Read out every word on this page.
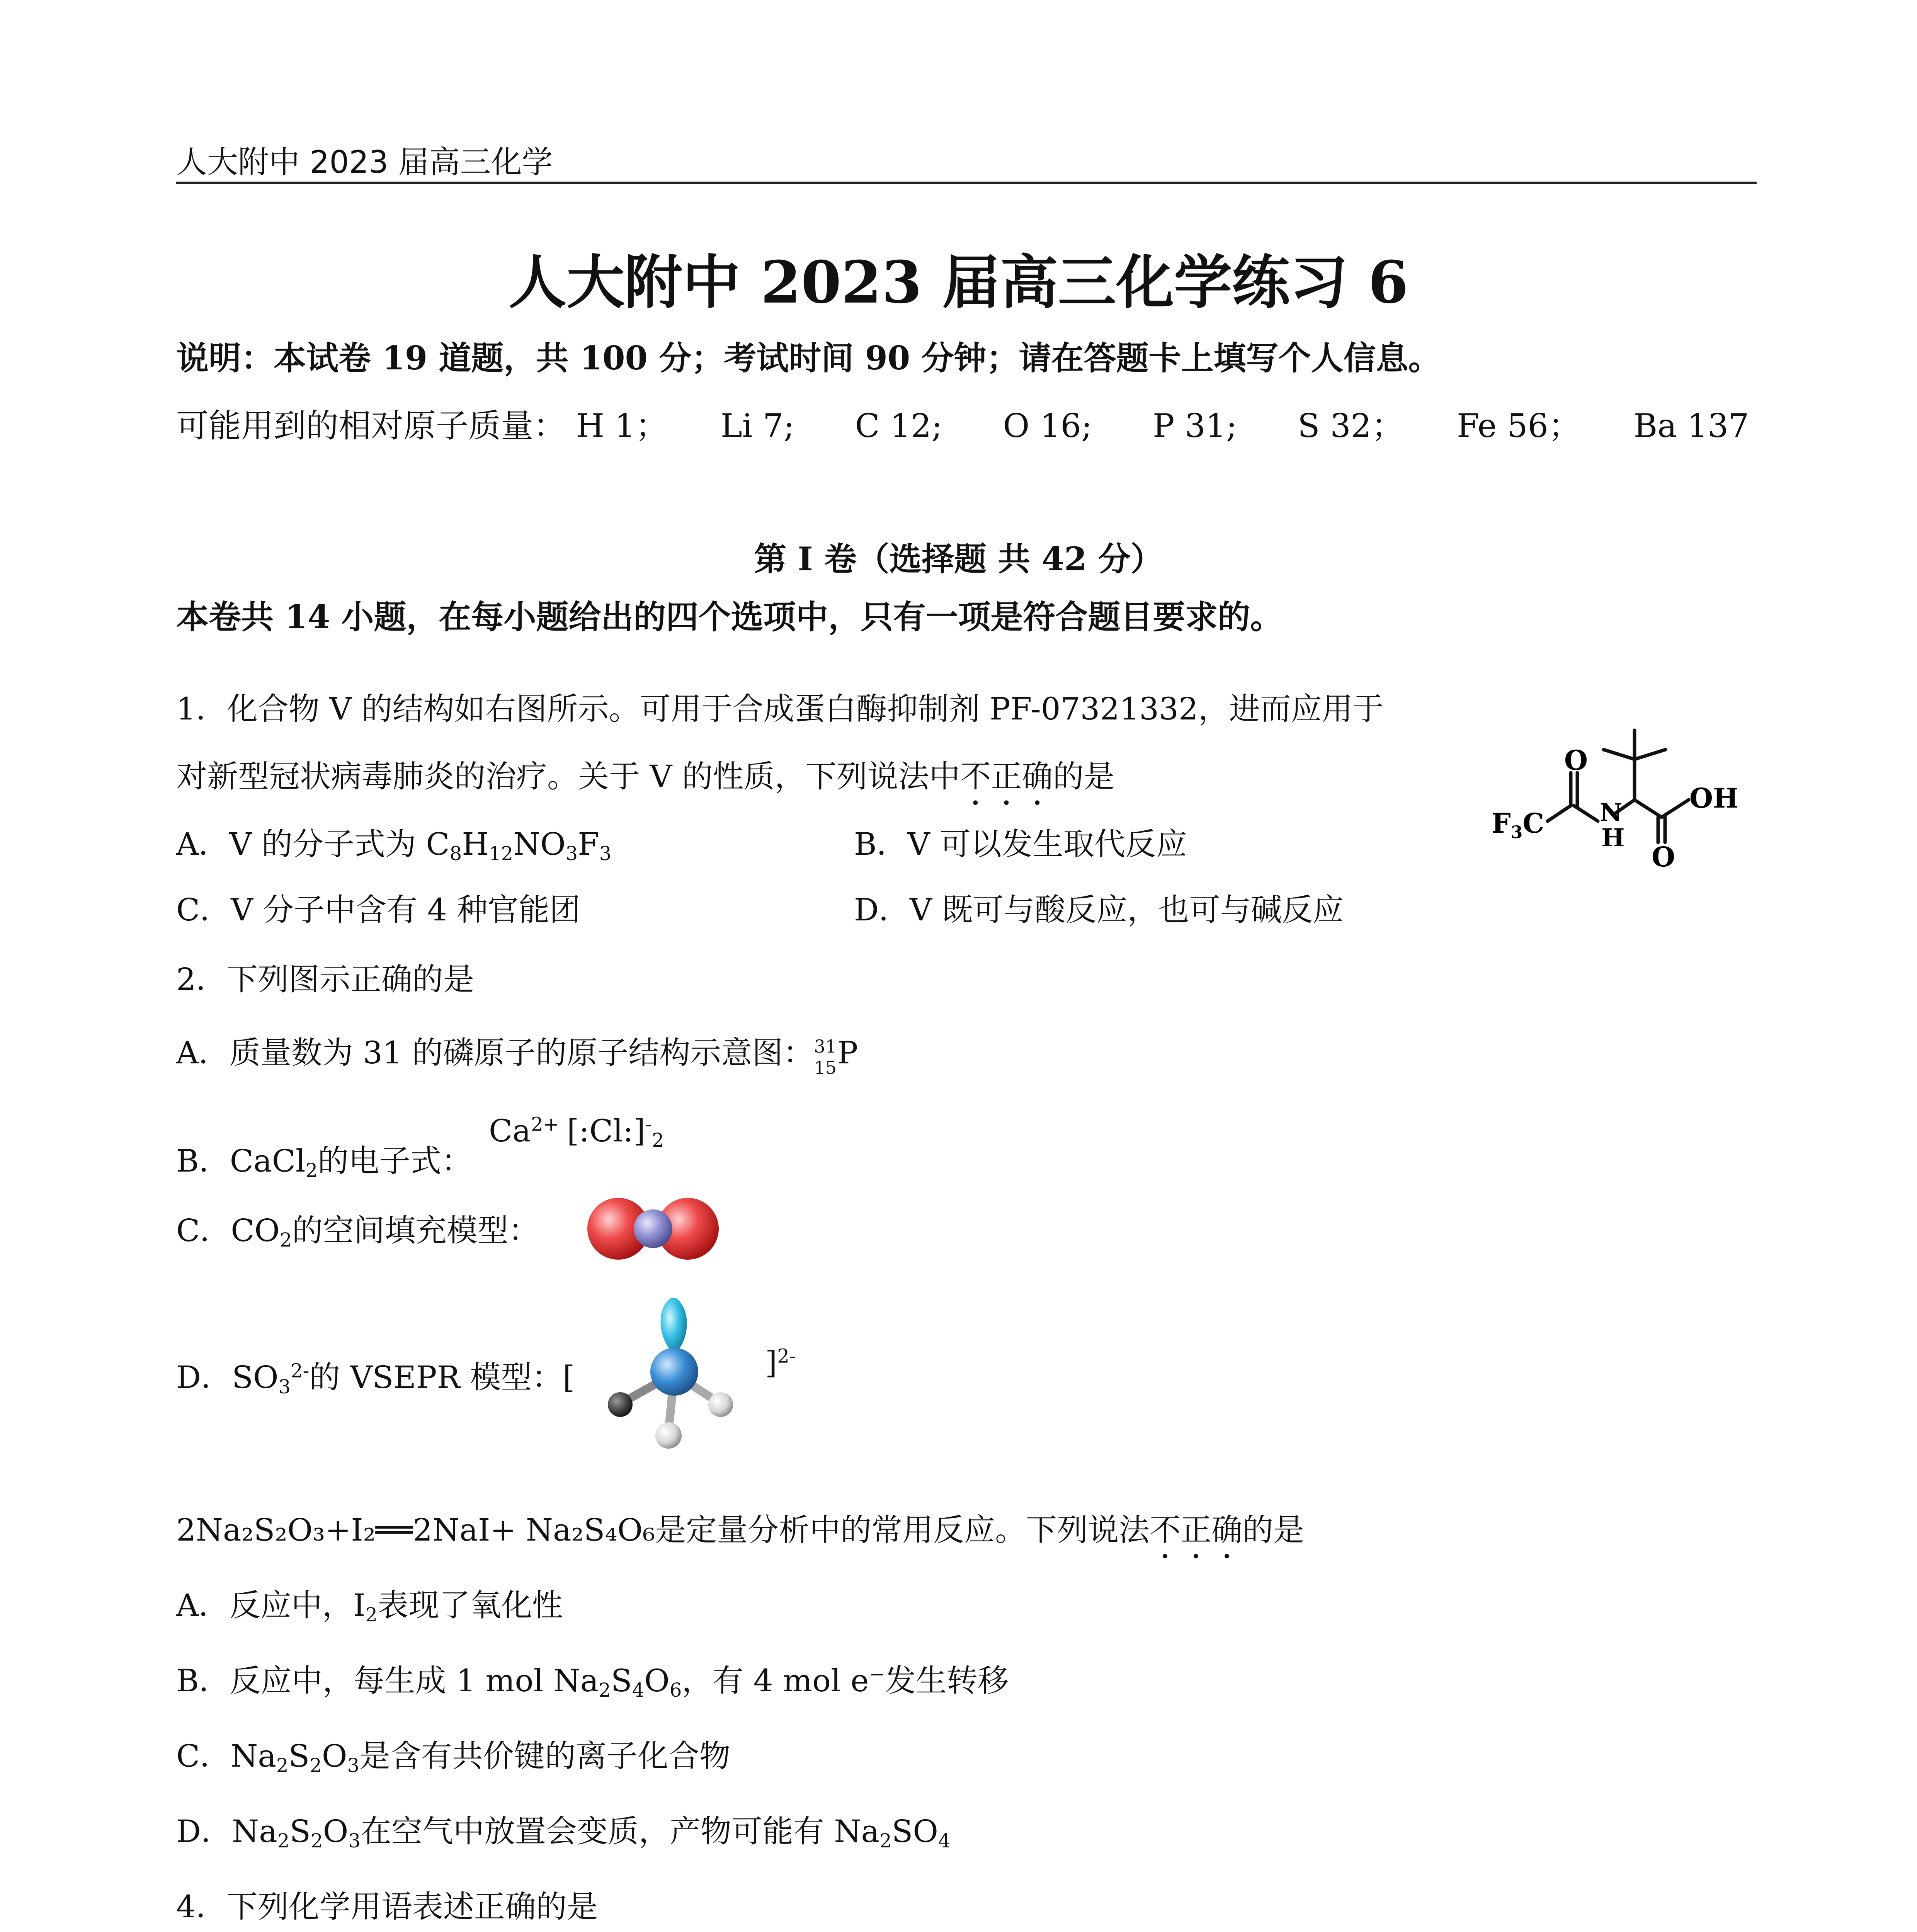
人大附中 2023 届高三化学
人大附中 2023 届高三化学练习 6
说明：本试卷 19 道题，共 100 分；考试时间 90 分钟；请在答题卡上填写个人信息。
可能用到的相对原子质量： H 1； Li 7; C 12; O 16; P 31; S 32； Fe 56； Ba 137
第 I 卷（选择题 共 42 分）
本卷共 14 小题，在每小题给出的四个选项中，只有一项是符合题目要求的。
1．化合物 V 的结构如右图所示。可用于合成蛋白酶抑制剂 PF-07321332，进而应用于
对新型冠状病毒肺炎的治疗。关于 V 的性质，下列说法中不正确的是
A．V 的分子式为 $C_8H_{12}NO_3F_3$	B．V 可以发生取代反应
C．V 分子中含有 4 种官能团	D．V 既可与酸反应，也可与碱反应
$F_3C$
O
N
H
OH
O
2．下列图示正确的是
A．质量数为 31 的磷原子的原子结构示意图： 31
15 P
B．CaCl$_2$的电子式：
$Ca^{2+}$ $[:Cl:]^-_2$
C．$CO_2$的空间填充模型：
D．$SO_3^{2-}$的 VSEPR 模型：[	]$^{2-}$
2Na₂S₂O₃+I₂══2NaI+ Na₂S₄O₆是定量分析中的常用反应。下列说法不正确的是
A．反应中，$I_2$表现了氧化性
B．反应中，每生成 1 mol $Na_2S_4O_6$，有 4 mol e−发生转移
C．$Na_2S_2O_3$是含有共价键的离子化合物
D．$Na_2S_2O_3$在空气中放置会变质，产物可能有 $Na_2SO_4$
4．下列化学用语表述正确的是
